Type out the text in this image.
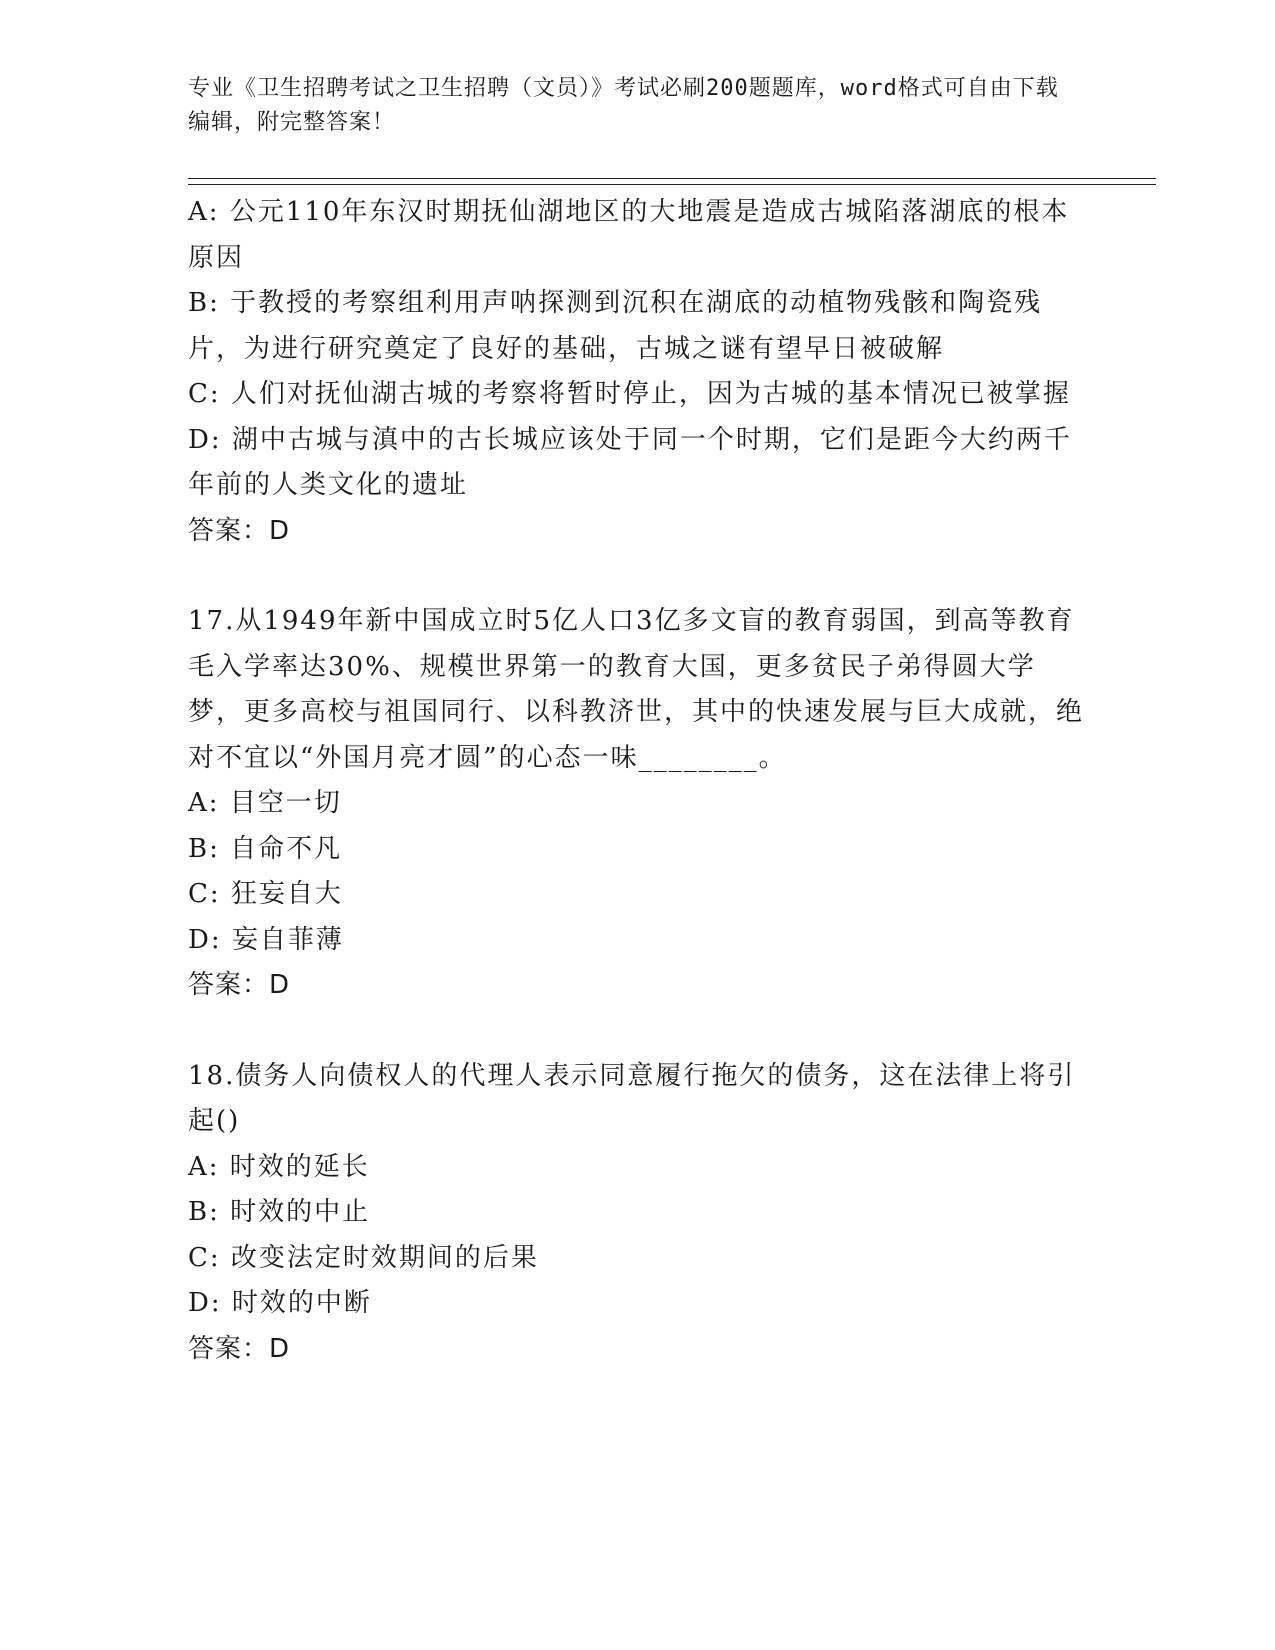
专业《卫生招聘考试之卫生招聘（文员）》考试必刷200题题库，word格式可自由下载编辑，附完整答案！
A: 公元110年东汉时期抚仙湖地区的大地震是造成古城陷落湖底的根本原因
B: 于教授的考察组利用声呐探测到沉积在湖底的动植物残骸和陶瓷残片，为进行研究奠定了良好的基础，古城之谜有望早日被破解
C: 人们对抚仙湖古城的考察将暂时停止，因为古城的基本情况已被掌握
D: 湖中古城与滇中的古长城应该处于同一个时期，它们是距今大约两千年前的人类文化的遗址
答案：D
17.从1949年新中国成立时5亿人口3亿多文盲的教育弱国，到高等教育毛入学率达30%、规模世界第一的教育大国，更多贫民子弟得圆大学梦，更多高校与祖国同行、以科教济世，其中的快速发展与巨大成就，绝对不宜以“外国月亮才圆”的心态一味________。
A: 目空一切
B: 自命不凡
C: 狂妄自大
D: 妄自菲薄
答案：D
18.债务人向债权人的代理人表示同意履行拖欠的债务，这在法律上将引起()
A: 时效的延长
B: 时效的中止
C: 改变法定时效期间的后果
D: 时效的中断
答案：D
